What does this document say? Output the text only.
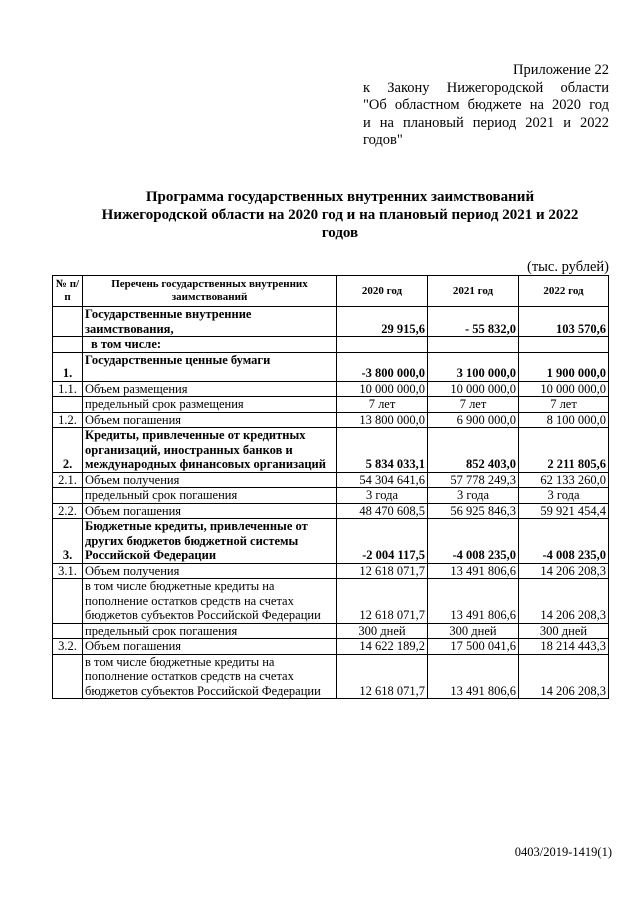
Приложение 22
к Закону Нижегородской области
"Об областном бюджете на 2020 год
и на плановый период 2021 и 2022
годов"
Программа государственных внутренних заимствований
Нижегородской области на 2020 год и на плановый период 2021 и 2022
годов
(тыс. рублей)
№ п/п	Перечень государственных внутренних заимствований	2020 год	2021 год	2022 год
	Государственные внутренние заимствования,	29 915,6	- 55 832,0	103 570,6
	в том числе:			
1.	Государственные ценные бумаги	-3 800 000,0	3 100 000,0	1 900 000,0
1.1.	Объем размещения	10 000 000,0	10 000 000,0	10 000 000,0
	предельный срок размещения	7 лет	7 лет	7 лет
1.2.	Объем погашения	13 800 000,0	6 900 000,0	8 100 000,0
2.	Кредиты, привлеченные от кредитных организаций, иностранных банков и международных финансовых организаций	5 834 033,1	852 403,0	2 211 805,6
2.1.	Объем получения	54 304 641,6	57 778 249,3	62 133 260,0
	предельный срок погашения	3 года	3 года	3 года
2.2.	Объем погашения	48 470 608,5	56 925 846,3	59 921 454,4
3.	Бюджетные кредиты, привлеченные от других бюджетов бюджетной системы Российской Федерации	-2 004 117,5	-4 008 235,0	-4 008 235,0
3.1.	Объем получения	12 618 071,7	13 491 806,6	14 206 208,3
	в том числе бюджетные кредиты на пополнение остатков средств на счетах бюджетов субъектов Российской Федерации	12 618 071,7	13 491 806,6	14 206 208,3
	предельный срок погашения	300 дней	300 дней	300 дней
3.2.	Объем погашения	14 622 189,2	17 500 041,6	18 214 443,3
	в том числе бюджетные кредиты на пополнение остатков средств на счетах бюджетов субъектов Российской Федерации	12 618 071,7	13 491 806,6	14 206 208,3
0403/2019-1419(1)
